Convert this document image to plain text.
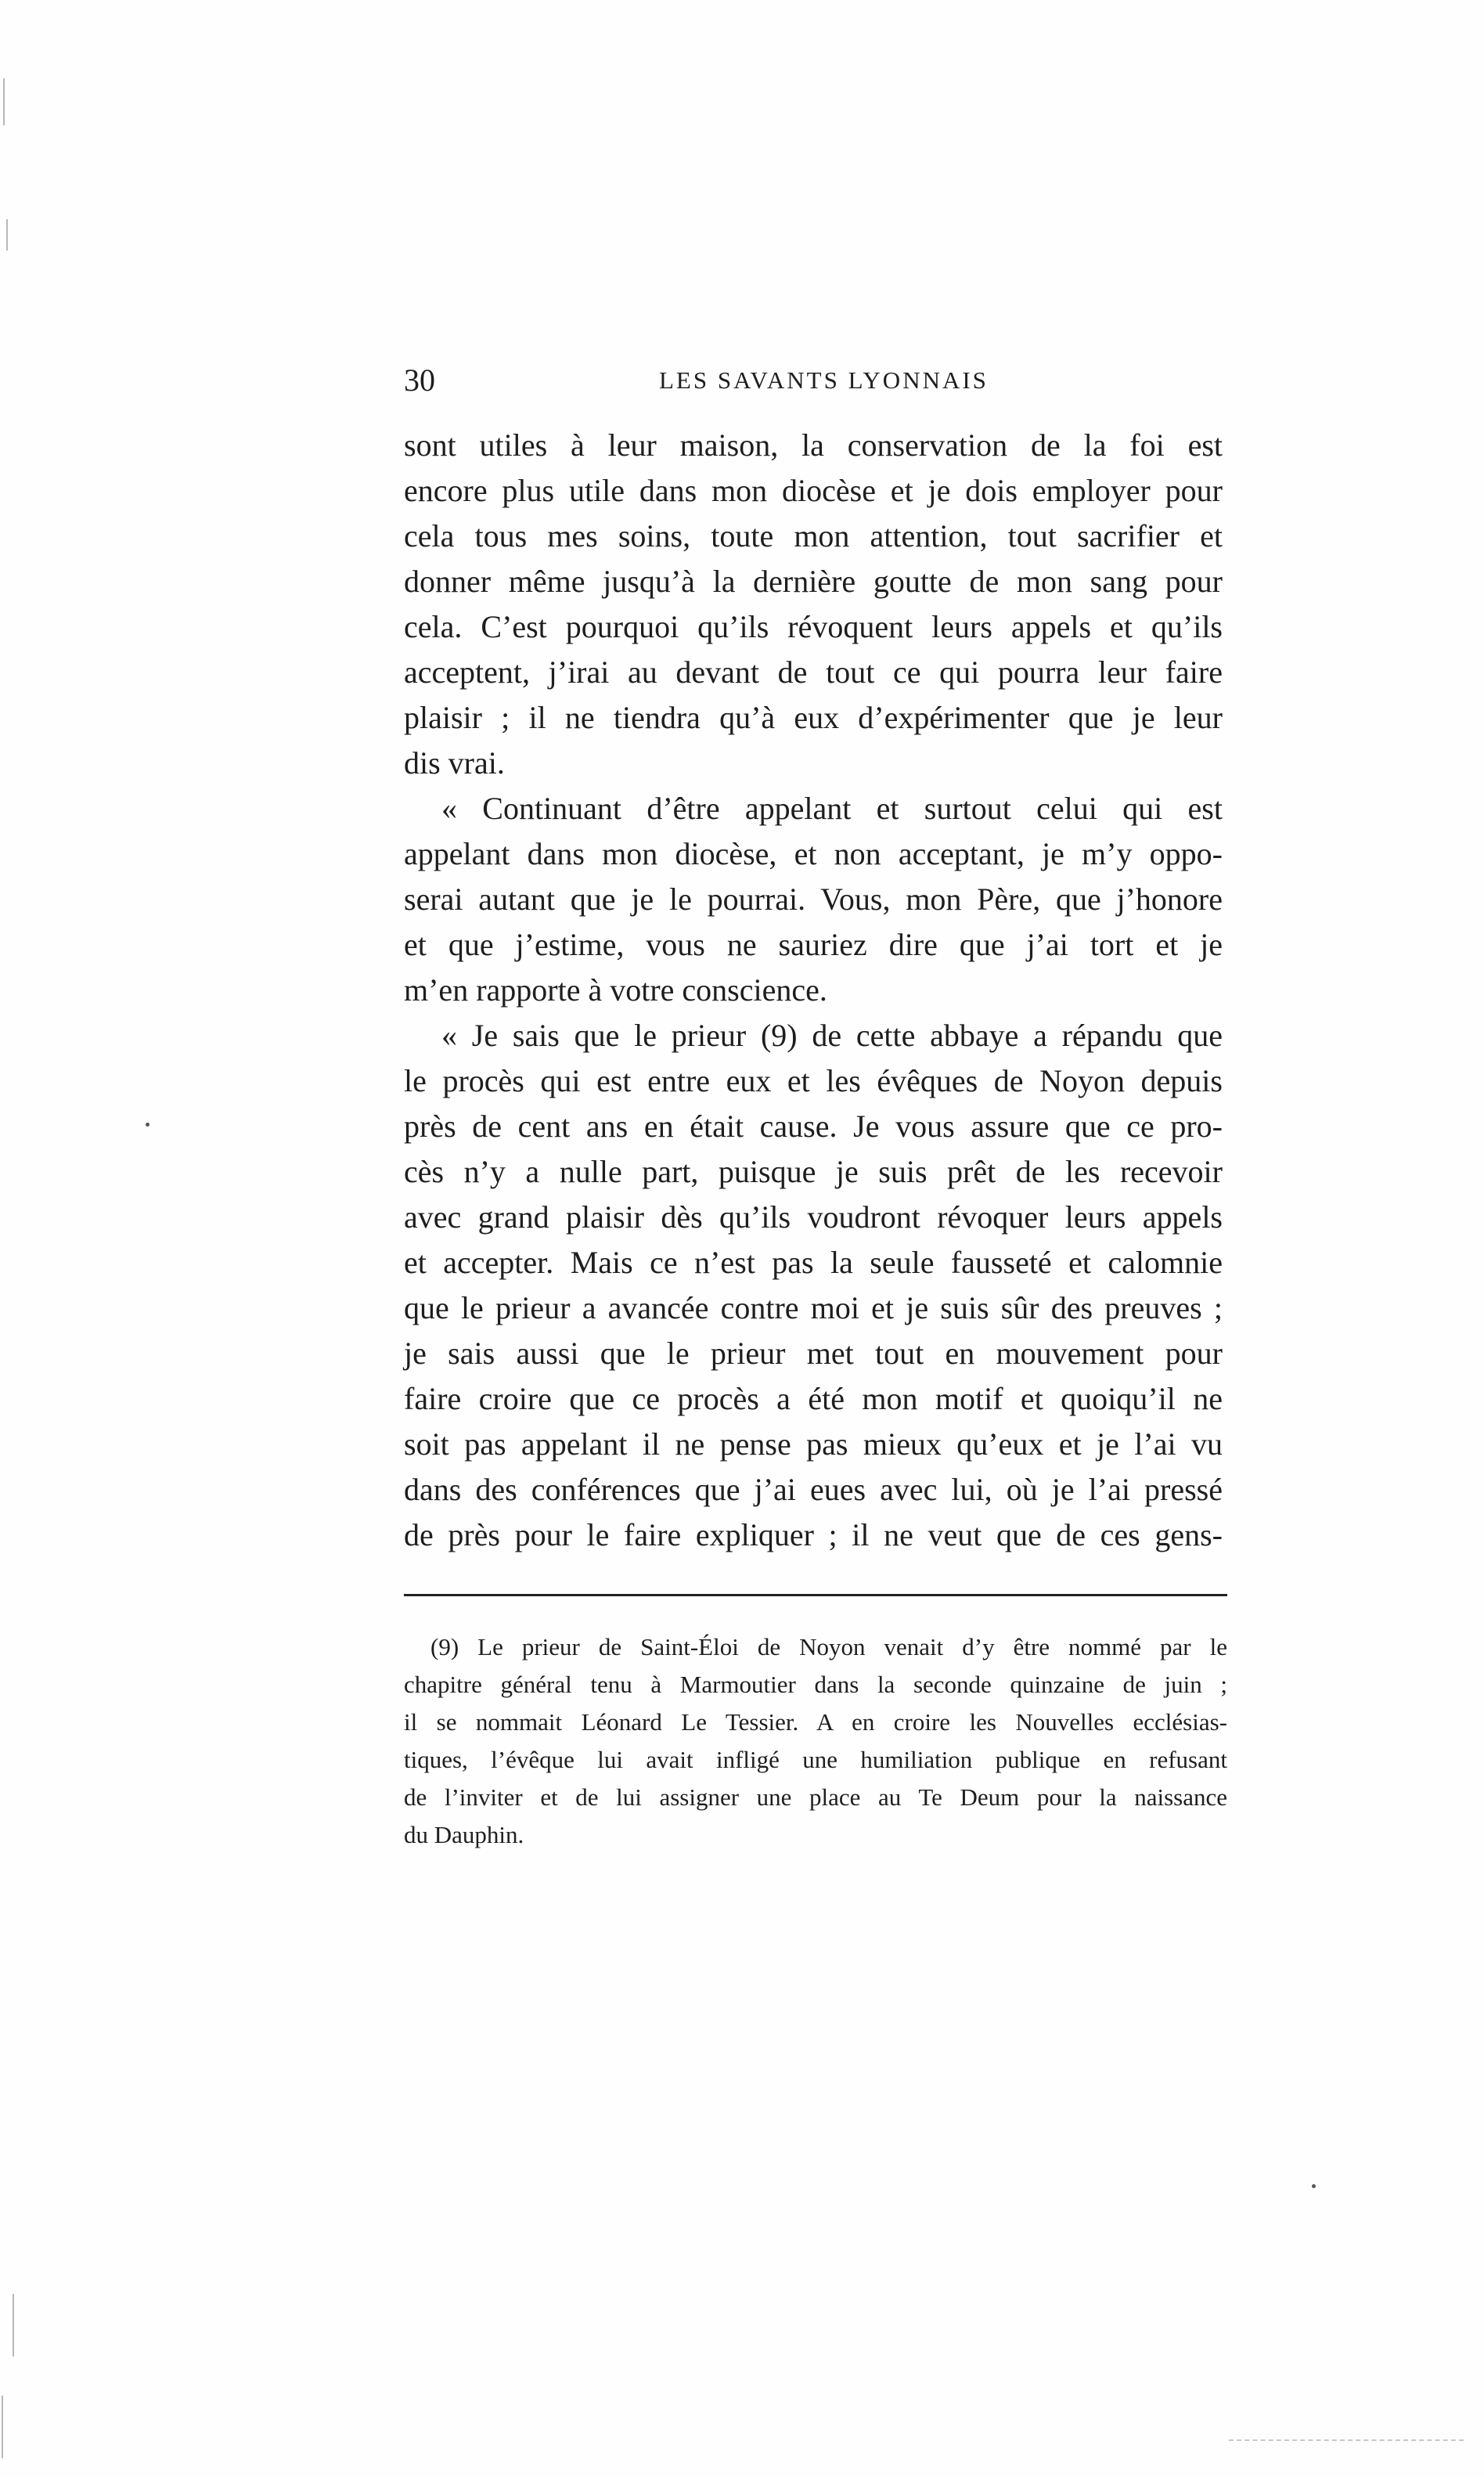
30	LES SAVANTS LYONNAIS
sont utiles à leur maison, la conservation de la foi est
encore plus utile dans mon diocèse et je dois employer pour
cela tous mes soins, toute mon attention, tout sacrifier et
donner même jusqu’à la dernière goutte de mon sang pour
cela. C’est pourquoi qu’ils révoquent leurs appels et qu’ils
acceptent, j’irai au devant de tout ce qui pourra leur faire
plaisir ; il ne tiendra qu’à eux d’expérimenter que je leur
dis vrai.
« Continuant d’être appelant et surtout celui qui est
appelant dans mon diocèse, et non acceptant, je m’y oppo-
serai autant que je le pourrai. Vous, mon Père, que j’honore
et que j’estime, vous ne sauriez dire que j’ai tort et je
m’en rapporte à votre conscience.
« Je sais que le prieur (9) de cette abbaye a répandu que
le procès qui est entre eux et les évêques de Noyon depuis
près de cent ans en était cause. Je vous assure que ce pro-
cès n’y a nulle part, puisque je suis prêt de les recevoir
avec grand plaisir dès qu’ils voudront révoquer leurs appels
et accepter. Mais ce n’est pas la seule fausseté et calomnie
que le prieur a avancée contre moi et je suis sûr des preuves ;
je sais aussi que le prieur met tout en mouvement pour
faire croire que ce procès a été mon motif et quoiqu’il ne
soit pas appelant il ne pense pas mieux qu’eux et je l’ai vu
dans des conférences que j’ai eues avec lui, où je l’ai pressé
de près pour le faire expliquer ; il ne veut que de ces gens-
(9) Le prieur de Saint-Éloi de Noyon venait d’y être nommé par le
chapitre général tenu à Marmoutier dans la seconde quinzaine de juin ;
il se nommait Léonard Le Tessier. A en croire les Nouvelles ecclésias-
tiques, l’évêque lui avait infligé une humiliation publique en refusant
de l’inviter et de lui assigner une place au Te Deum pour la naissance
du Dauphin.
